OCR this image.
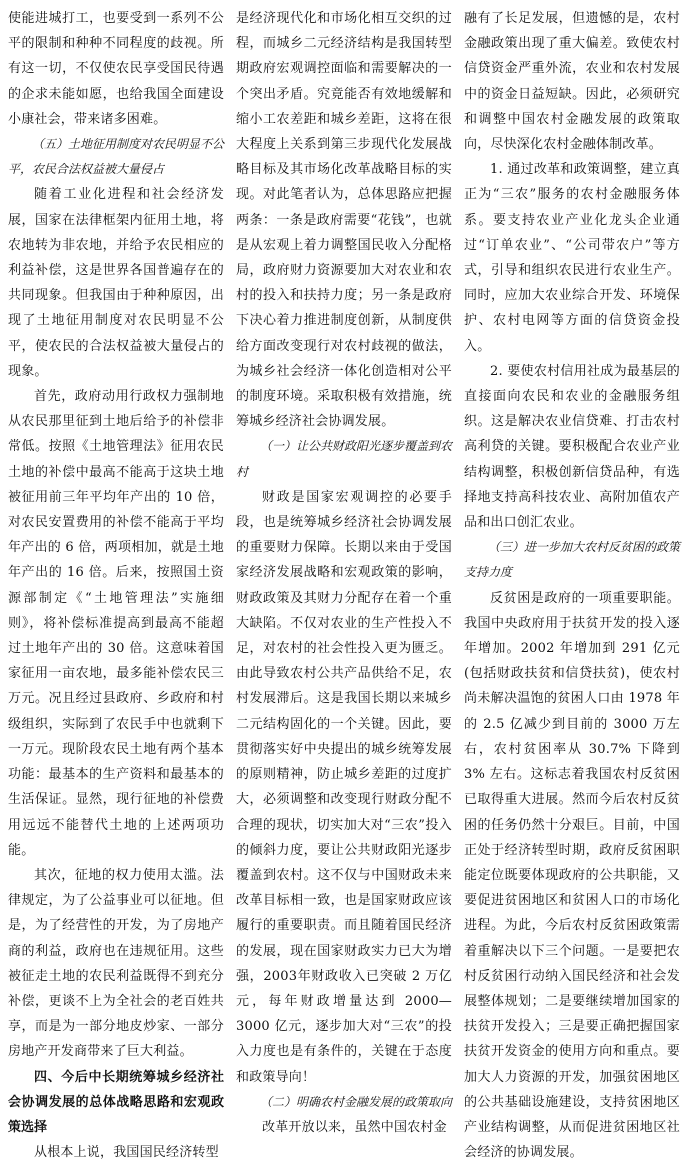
使能进城打工，也要受到一系列不公平的限制和种种不同程度的歧视。所有这一切，不仅使农民享受国民待遇的企求未能如愿，也给我国全面建设小康社会，带来诸多困难。

（五）土地征用制度对农民明显不公平，农民合法权益被大量侵占

随着工业化进程和社会经济发展，国家在法律框架内征用土地，将农地转为非农地，并给予农民相应的利益补偿，这是世界各国普遍存在的共同现象。但我国由于种种原因，出现了土地征用制度对农民明显不公平，使农民的合法权益被大量侵占的现象。

首先，政府动用行政权力强制地从农民那里征到土地后给予的补偿非常低。按照《土地管理法》征用农民土地的补偿中最高不能高于这块土地被征用前三年平均年产出的 10 倍，对农民安置费用的补偿不能高于平均年产出的 6 倍，两项相加，就是土地年产出的 16 倍。后来，按照国土资源部制定《“土地管理法”实施细则》，将补偿标准提高到最高不能超过土地年产出的 30 倍。这意味着国家征用一亩农地，最多能补偿农民三万元。况且经过县政府、乡政府和村级组织，实际到了农民手中也就剩下一万元。现阶段农民土地有两个基本功能：最基本的生产资料和最基本的生活保证。显然，现行征地的补偿费用远远不能替代土地的上述两项功能。

其次，征地的权力使用太滥。法律规定，为了公益事业可以征地。但是，为了经营性的开发，为了房地产商的利益，政府也在违规征用。这些被征走土地的农民利益既得不到充分补偿，更谈不上为全社会的老百姓共享，而是为一部分地皮炒家、一部分房地产开发商带来了巨大利益。

四、今后中长期统筹城乡经济社会协调发展的总体战略思路和宏观政策选择

从根本上说，我国国民经济转型

是经济现代化和市场化相互交织的过程，而城乡二元经济结构是我国转型期政府宏观调控面临和需要解决的一个突出矛盾。究竟能否有效地缓解和缩小工农差距和城乡差距，这将在很大程度上关系到第三步现代化发展战略目标及其市场化改革战略目标的实现。对此笔者认为，总体思路应把握两条：一条是政府需要“花钱”，也就是从宏观上着力调整国民收入分配格局，政府财力资源要加大对农业和农村的投入和扶持力度；另一条是政府下决心着力推进制度创新，从制度供给方面改变现行对农村歧视的做法，为城乡社会经济一体化创造相对公平的制度环境。采取积极有效措施，统筹城乡经济社会协调发展。

（一）让公共财政阳光逐步覆盖到农村

财政是国家宏观调控的必要手段，也是统筹城乡经济社会协调发展的重要财力保障。长期以来由于受国家经济发展战略和宏观政策的影响，财政政策及其财力分配存在着一个重大缺陷。不仅对农业的生产性投入不足，对农村的社会性投入更为匮乏。由此导致农村公共产品供给不足，农村发展滞后。这是我国长期以来城乡二元结构固化的一个关键。因此，要贯彻落实好中央提出的城乡统筹发展的原则精神，防止城乡差距的过度扩大，必须调整和改变现行财政分配不合理的现状，切实加大对“三农”投入的倾斜力度，要让公共财政阳光逐步覆盖到农村。这不仅与中国财政未来改革目标相一致，也是国家财政应该履行的重要职责。而且随着国民经济的发展，现在国家财政实力已大为增强，2003年财政收入已突破 2 万亿元，每年财政增量达到 2000—3000 亿元，逐步加大对“三农”的投入力度也是有条件的，关键在于态度和政策导向！

（二）明确农村金融发展的政策取向

改革开放以来，虽然中国农村金

融有了长足发展，但遗憾的是，农村金融政策出现了重大偏差。致使农村信贷资金严重外流，农业和农村发展中的资金日益短缺。因此，必须研究和调整中国农村金融发展的政策取向，尽快深化农村金融体制改革。

1. 通过改革和政策调整，建立真正为“三农”服务的农村金融服务体系。要支持农业产业化龙头企业通过“订单农业”、“公司带农户”等方式，引导和组织农民进行农业生产。同时，应加大农业综合开发、环境保护、农村电网等方面的信贷资金投入。

2. 要使农村信用社成为最基层的直接面向农民和农业的金融服务组织。这是解决农业信贷难、打击农村高利贷的关键。要积极配合农业产业结构调整，积极创新信贷品种，有选择地支持高科技农业、高附加值农产品和出口创汇农业。

（三）进一步加大农村反贫困的政策支持力度

反贫困是政府的一项重要职能。我国中央政府用于扶贫开发的投入逐年增加。2002 年增加到 291 亿元(包括财政扶贫和信贷扶贫)，使农村尚未解决温饱的贫困人口由 1978 年的 2.5 亿减少到目前的 3000 万左右，农村贫困率从 30.7% 下降到 3% 左右。这标志着我国农村反贫困已取得重大进展。然而今后农村反贫困的任务仍然十分艰巨。目前，中国正处于经济转型时期，政府反贫困职能定位既要体现政府的公共职能，又要促进贫困地区和贫困人口的市场化进程。为此，今后农村反贫困政策需着重解决以下三个问题。一是要把农村反贫困行动纳入国民经济和社会发展整体规划；二是要继续增加国家的扶贫开发投入；三是要正确把握国家扶贫开发资金的使用方向和重点。要加大人力资源的开发，加强贫困地区的公共基础设施建设，支持贫困地区产业结构调整，从而促进贫困地区社会经济的协调发展。
